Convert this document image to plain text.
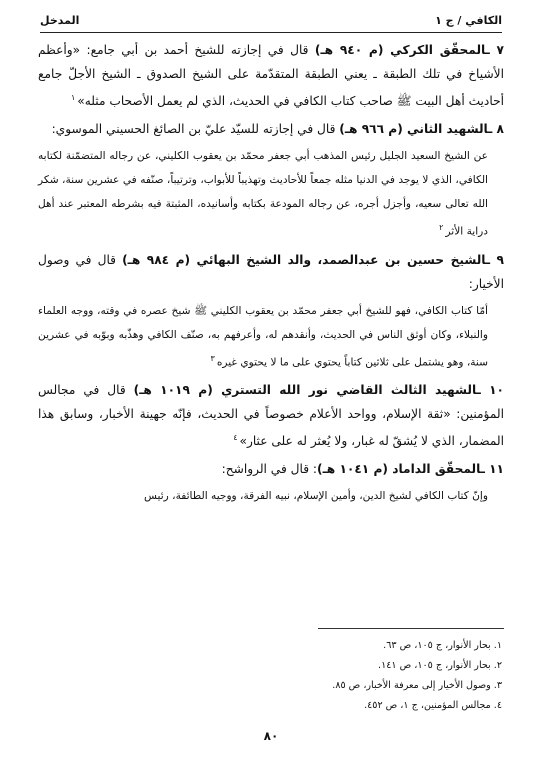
الكافي / ج ١
المدخل

٧ ـالمحقّق الكركي (م ٩٤٠ هـ) قال في إجازته للشيخ أحمد بن أبي جامع: «وأعظم الأشياخ في تلك الطبقة ـ يعني الطبقة المتقدّمة على الشيخ الصدوق ـ الشيخ الأجلّ جامع أحاديث أهل البيت ﷺ صاحب كتاب الكافي في الحديث، الذي لم يعمل الأصحاب مثله»$^١$

٨ ـالشهيد الثاني (م ٩٦٦ هـ) قال في إجازته للسيّد عليّ بن الصائغ الحسيني الموسوي:

عن الشيخ السعيد الجليل رئيس المذهب أبي جعفر محمّد بن يعقوب الكليني، عن رجاله المتضمّنة لكتابه الكافي، الذي لا يوجد في الدنيا مثله جمعاً للأحاديث وتهذيباً للأبواب، وترتيباً، صنّفه في عشرين سنة، شكر الله تعالى سعيه، وأجزل أجره، عن رجاله المودعة بكتابه وأسانيده، المثبتة فيه بشرطه المعتبر عند أهل دراية الأثر$^٢$

٩ ـالشيخ حسين بن عبدالصمد، والد الشيخ البهائي (م ٩٨٤ هـ) قال في وصول الأخيار:

أمّا كتاب الكافي، فهو للشيخ أبي جعفر محمّد بن يعقوب الكليني ﷺ شيخ عصره في وقته، ووجه العلماء والنبلاء، وكان أوثق الناس في الحديث، وأنقدهم له، وأعرفهم به، صنّف الكافي وهذّبه وبوّبه في عشرين سنة، وهو يشتمل على ثلاثين كتاباً يحتوي على ما لا يحتوي غيره$^٣$

١٠ ـالشهيد الثالث القاضي نور الله التستري (م ١٠١٩ هـ) قال في مجالس المؤمنين: «ثقة الإسلام، وواحد الأعلام خصوصاً في الحديث، فإنّه جهينة الأخبار، وسابق هذا المضمار، الذي لا يُشقّ له غبار، ولا يُعثر له على عثار»$^٤$

١١ ـالمحقّق الداماد (م ١٠٤١ هـ): قال في الرواشح:

وإنّ كتاب الكافي لشيخ الدين، وأمين الإسلام، نبيه الفرقة، ووجيه الطائفة، رئيس
١. بحار الأنوار، ج ١٠٥، ص ٦٣.
٢. بحار الأنوار، ج ١٠٥، ص ١٤١.
٣. وصول الأخيار إلى معرفة الأخبار، ص ٨٥.
٤. مجالس المؤمنين، ج ١، ص ٤٥٢.
٨٠
